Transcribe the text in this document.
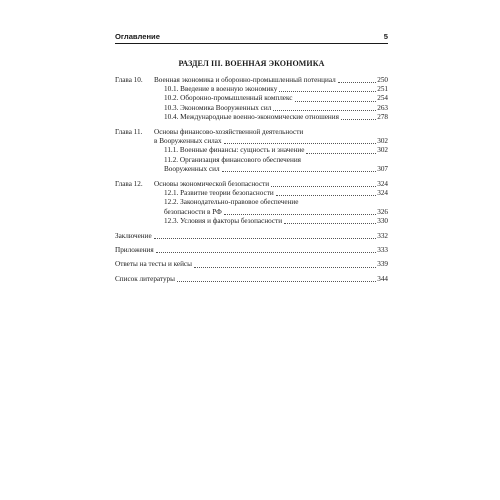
Оглавление	5
РАЗДЕЛ III. ВОЕННАЯ ЭКОНОМИКА
Глава 10.	Военная экономика и оборонно-промышленный потенциал	250
10.1. Введение в военную экономику	251
10.2. Оборонно-промышленный комплекс	254
10.3. Экономика Вооруженных сил	263
10.4. Международные военно-экономические отношения	278
Глава 11.	Основы финансово-хозяйственной деятельности
в Вооруженных силах	302
11.1. Военные финансы: сущность и значение	302
11.2. Организация финансового обеспечения
Вооруженных сил	307
Глава 12.	Основы экономической безопасности	324
12.1. Развитие теории безопасности	324
12.2. Законодательно-правовое обеспечение
безопасности в РФ	326
12.3. Условия и факторы безопасности	330
Заключение	332
Приложения	333
Ответы на тесты и кейсы	339
Список литературы	344
